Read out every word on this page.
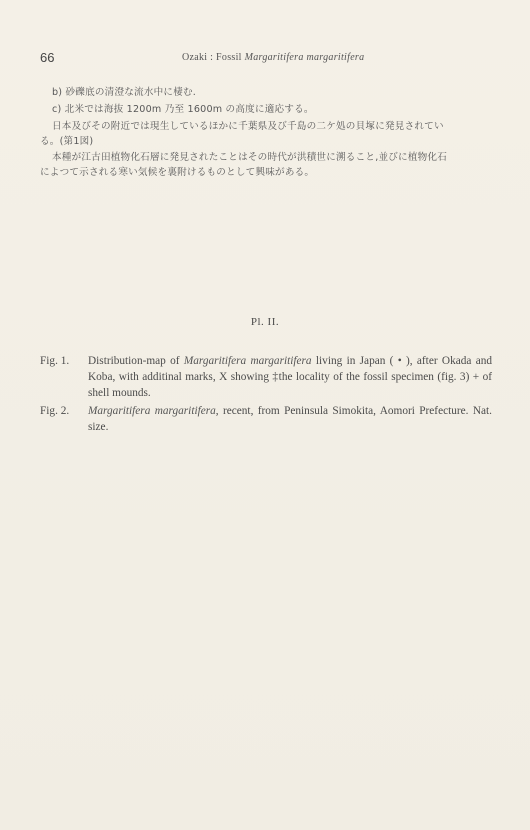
66	Ozaki : Fossil Margaritifera margaritifera
b) 砂礫底の清澄な流水中に棲む.
c) 北米では海抜 1200m 乃至 1600m の高度に適応する。
日本及びその附近では現生しているほかに千葉県及び千島の二ケ処の貝塚に発見されてい
る。(第1図)
本種が江古田植物化石層に発見されたことはその時代が洪積世に溯ること,並びに植物化石
によつて示される寒い気候を裏附けるものとして興味がある。
Pl. II.
Fig. 1. Distribution-map of Margaritifera margaritifera living in Japan ( • ), after Okada and Koba, with additinal marks, X showing ‡the locality of the fossil specimen (fig. 3) + of shell mounds.
Fig. 2. Margaritifera margaritifera, recent, from Peninsula Simokita, Aomori Prefecture. Nat. size.
